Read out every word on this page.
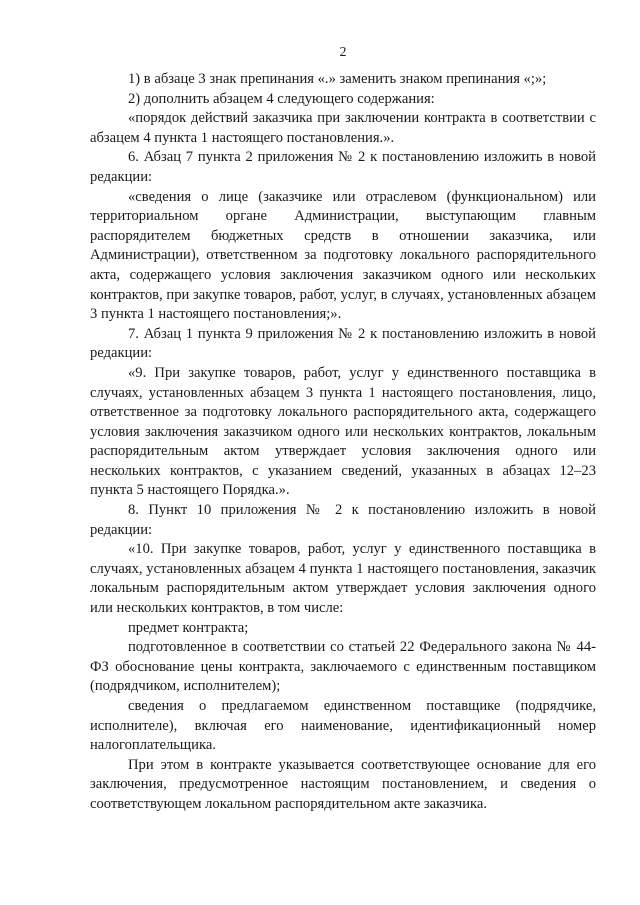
2

1) в абзаце 3 знак препинания «.» заменить знаком препинания «;»;

2) дополнить абзацем 4 следующего содержания:

«порядок действий заказчика при заключении контракта в соответствии с абзацем 4 пункта 1 настоящего постановления.».

6. Абзац 7 пункта 2 приложения № 2 к постановлению изложить в новой редакции:

«сведения о лице (заказчике или отраслевом (функциональном) или территориальном органе Администрации, выступающим главным распорядителем бюджетных средств в отношении заказчика, или Администрации), ответственном за подготовку локального распорядительного акта, содержащего условия заключения заказчиком одного или нескольких контрактов, при закупке товаров, работ, услуг, в случаях, установленных абзацем 3 пункта 1 настоящего постановления;».

7. Абзац 1 пункта 9 приложения № 2 к постановлению изложить в новой редакции:

«9. При закупке товаров, работ, услуг у единственного поставщика в случаях, установленных абзацем 3 пункта 1 настоящего постановления, лицо, ответственное за подготовку локального распорядительного акта, содержащего условия заключения заказчиком одного или нескольких контрактов, локальным распорядительным актом утверждает условия заключения одного или нескольких контрактов, с указанием сведений, указанных в абзацах 12–23 пункта 5 настоящего Порядка.».

8. Пункт 10 приложения № 2 к постановлению изложить в новой редакции:

«10. При закупке товаров, работ, услуг у единственного поставщика в случаях, установленных абзацем 4 пункта 1 настоящего постановления, заказчик локальным распорядительным актом утверждает условия заключения одного или нескольких контрактов, в том числе:

предмет контракта;

подготовленное в соответствии со статьей 22 Федерального закона № 44-ФЗ обоснование цены контракта, заключаемого с единственным поставщиком (подрядчиком, исполнителем);

сведения о предлагаемом единственном поставщике (подрядчике, исполнителе), включая его наименование, идентификационный номер налогоплательщика.

При этом в контракте указывается соответствующее основание для его заключения, предусмотренное настоящим постановлением, и сведения о соответствующем локальном распорядительном акте заказчика.
